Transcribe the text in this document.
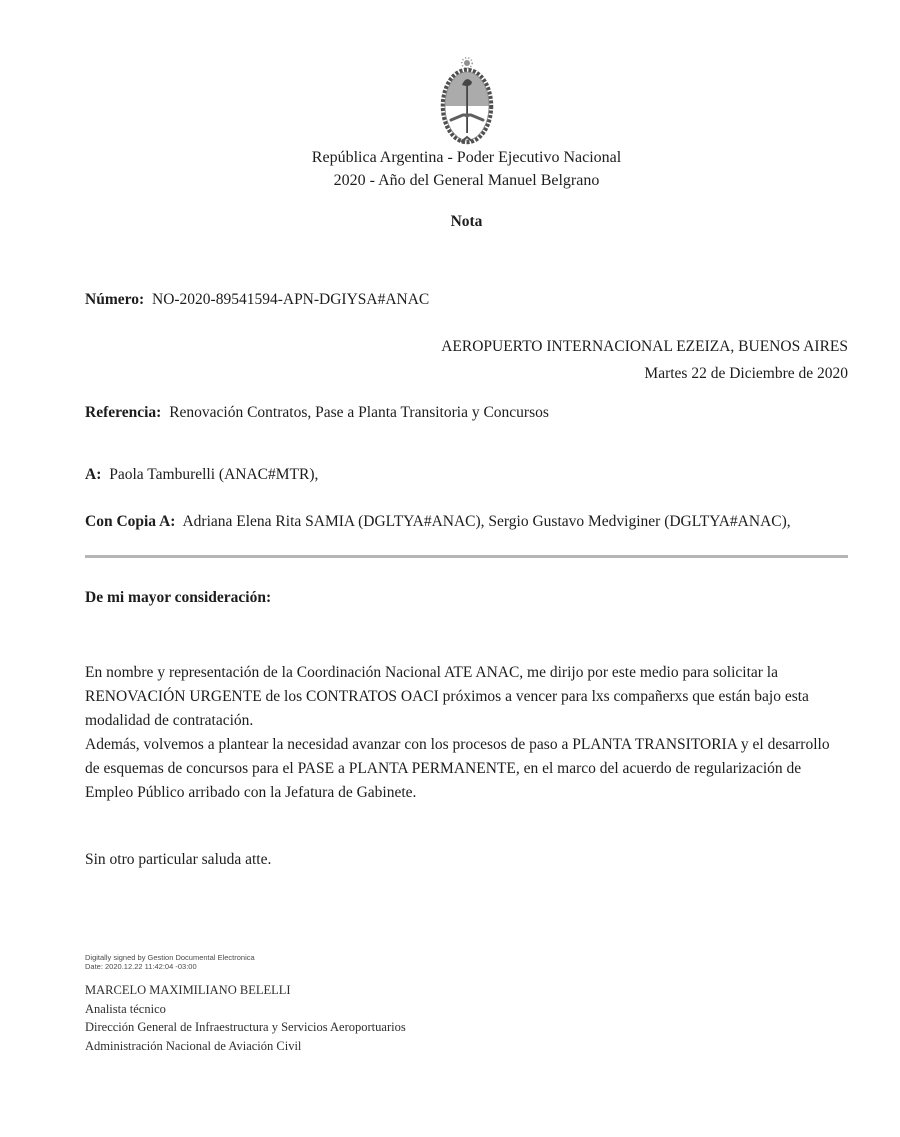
República Argentina - Poder Ejecutivo Nacional
2020 - Año del General Manuel Belgrano
Nota
Número: NO-2020-89541594-APN-DGIYSA#ANAC
AEROPUERTO INTERNACIONAL EZEIZA, BUENOS AIRES
Martes 22 de Diciembre de 2020
Referencia: Renovación Contratos, Pase a Planta Transitoria y Concursos
A: Paola Tamburelli (ANAC#MTR),
Con Copia A: Adriana Elena Rita SAMIA (DGLTYA#ANAC), Sergio Gustavo Medviginer (DGLTYA#ANAC),
De mi mayor consideración:

En nombre y representación de la Coordinación Nacional ATE ANAC, me dirijo por este medio para solicitar la RENOVACIÓN URGENTE de los CONTRATOS OACI próximos a vencer para lxs compañerxs que están bajo esta modalidad de contratación.

Además, volvemos a plantear la necesidad avanzar con los procesos de paso a PLANTA TRANSITORIA y el desarrollo de esquemas de concursos para el PASE a PLANTA PERMANENTE, en el marco del acuerdo de regularización de Empleo Público arribado con la Jefatura de Gabinete.

Sin otro particular saluda atte.
Digitally signed by Gestion Documental Electronica
Date: 2020.12.22 11:42:04 -03:00
MARCELO MAXIMILIANO BELELLI
Analista técnico
Dirección General de Infraestructura y Servicios Aeroportuarios
Administración Nacional de Aviación Civil
